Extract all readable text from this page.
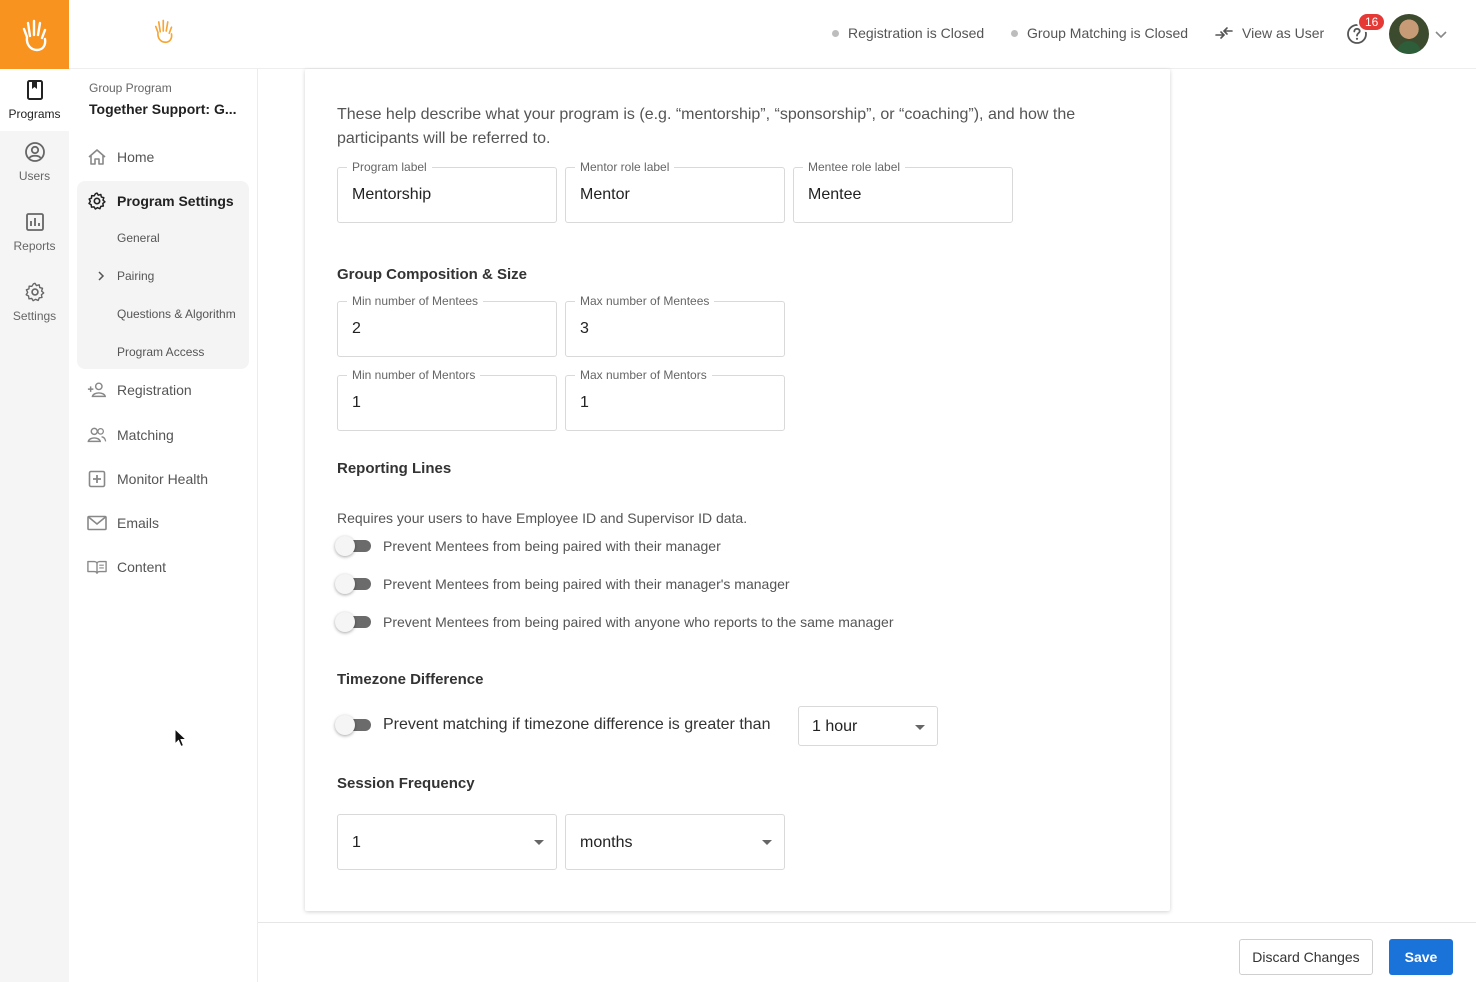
Programs
Users
Reports
Settings
Registration is Closed	Group Matching is Closed	View as User
16
Group Program
Together Support: G...
Home
Program Settings
General
Pairing
Questions & Algorithm
Program Access
Registration
Matching
Monitor Health
Emails
Content
These help describe what your program is (e.g. “mentorship”, “sponsorship”, or “coaching”), and how the participants will be referred to.
Program label
Mentorship
Mentor role label
Mentor
Mentee role label
Mentee
Group Composition & Size
Min number of Mentees
2
Max number of Mentees
3
Min number of Mentors
1
Max number of Mentors
1
Reporting Lines
Requires your users to have Employee ID and Supervisor ID data.
Prevent Mentees from being paired with their manager
Prevent Mentees from being paired with their manager's manager
Prevent Mentees from being paired with anyone who reports to the same manager
Timezone Difference
Prevent matching if timezone difference is greater than	1 hour
Session Frequency
1	months
Discard Changes	Save
